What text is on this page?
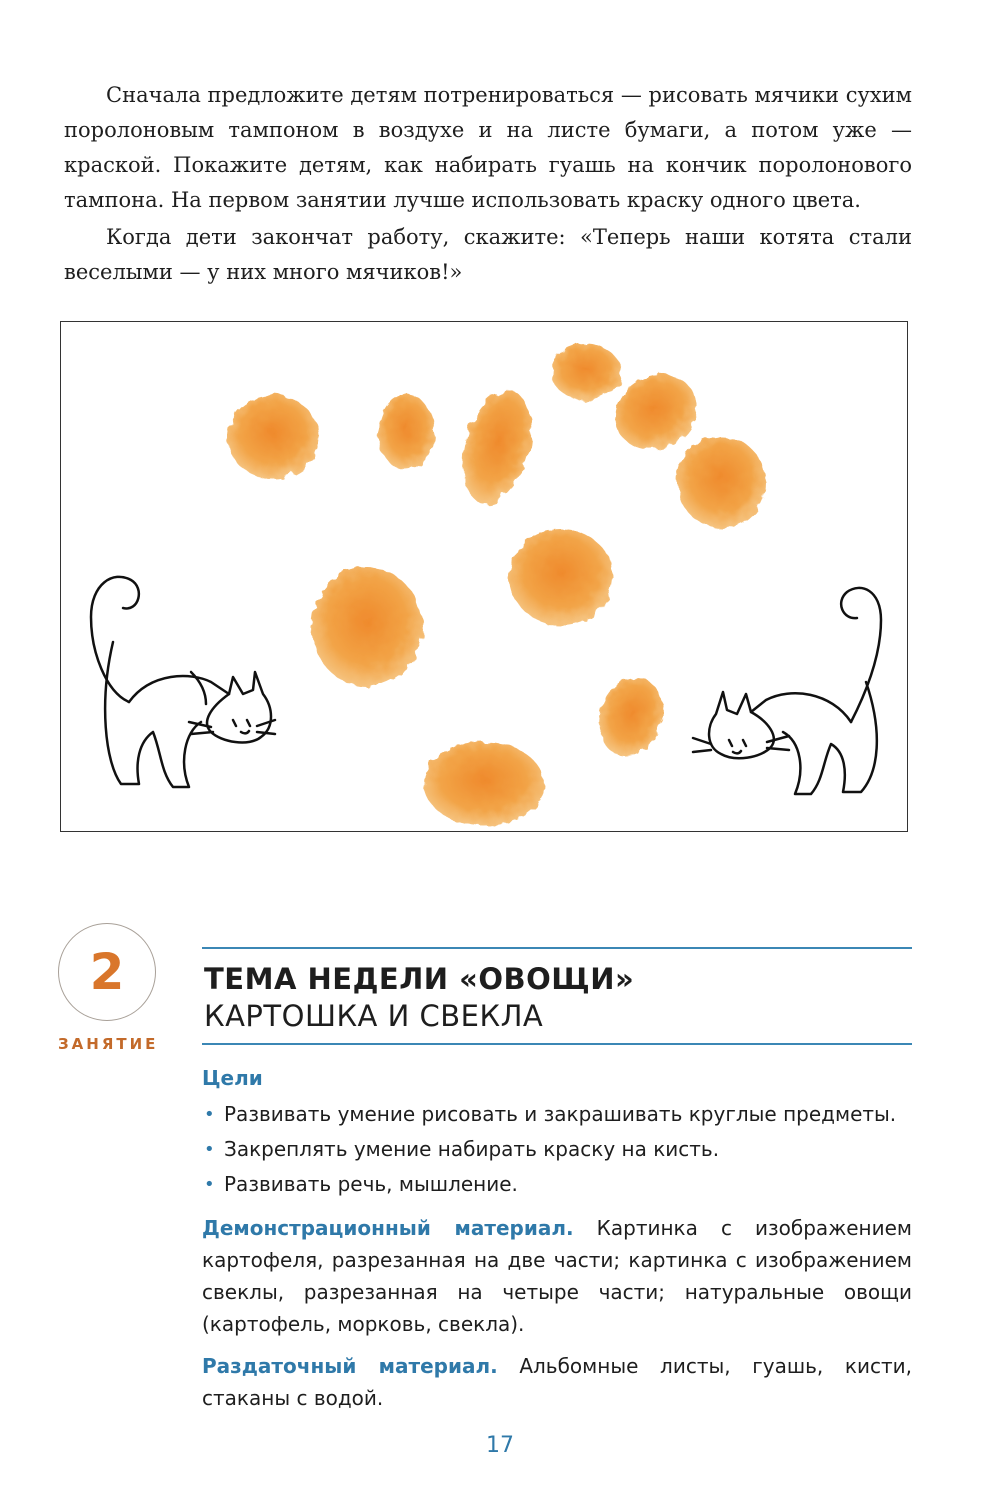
Сначала предложите детям потренироваться — рисовать мячики сухим поролоновым тампоном в воздухе и на листе бумаги, а потом уже — краской. Покажите детям, как набирать гуашь на кончик поролонового тампона. На первом занятии лучше использовать краску одного цвета.

Когда дети закончат работу, скажите: «Теперь наши котята стали веселыми — у них много мячиков!»

2
ЗАНЯТИЕ
ТЕМА НЕДЕЛИ «ОВОЩИ»
КАРТОШКА И СВЕКЛА
Цели
• Развивать умение рисовать и закрашивать круглые предметы.
• Закреплять умение набирать краску на кисть.
• Развивать речь, мышление.
Демонстрационный материал. Картинка с изображением картофеля, разрезанная на две части; картинка с изображением свеклы, разрезанная на четыре части; натуральные овощи (картофель, морковь, свекла).
Раздаточный материал. Альбомные листы, гуашь, кисти, стаканы с водой.
17
